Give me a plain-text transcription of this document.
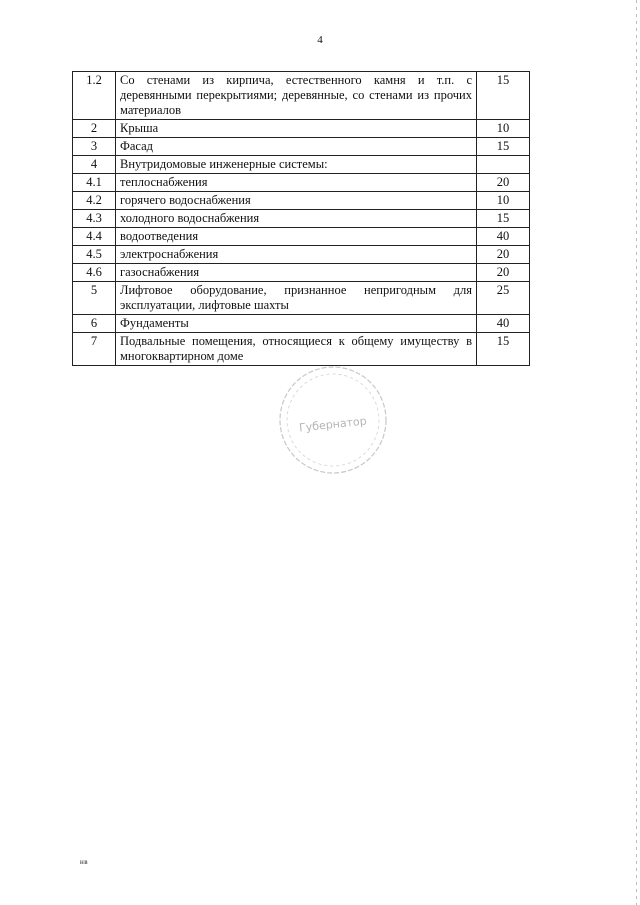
4
1.2	Со стенами из кирпича, естественного камня и т.п. с деревянными перекрытиями; деревянные, со стенами из прочих материалов	15
2	Крыша	10
3	Фасад	15
4	Внутридомовые инженерные системы:	
4.1	теплоснабжения	20
4.2	горячего водоснабжения	10
4.3	холодного водоснабжения	15
4.4	водоотведения	40
4.5	электроснабжения	20
4.6	газоснабжения	20
5	Лифтовое оборудование, признанное непригодным для эксплуатации, лифтовые шахты	25
6	Фундаменты	40
7	Подвальные помещения, относящиеся к общему имуществу в многоквартирном доме	15
Губернатор
нв
